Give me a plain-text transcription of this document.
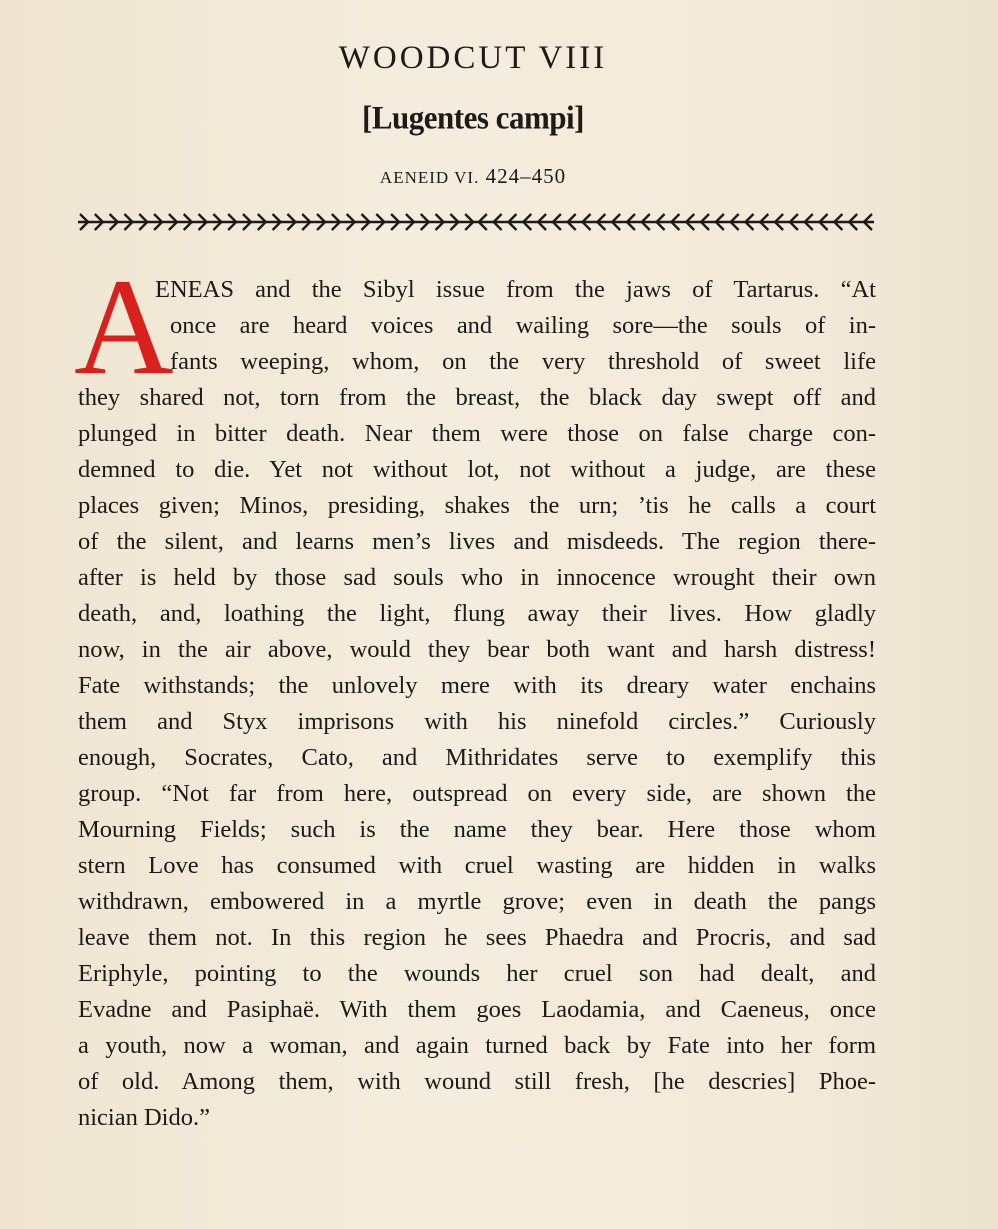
WOODCUT VIII
[Lugentes campi]
AENEID VI. 424–450
A
ENEAS and the Sibyl issue from the jaws of Tartarus. “At
once are heard voices and wailing sore—the souls of in-
fants weeping, whom, on the very threshold of sweet life
they shared not, torn from the breast, the black day swept off and
plunged in bitter death. Near them were those on false charge con-
demned to die. Yet not without lot, not without a judge, are these
places given; Minos, presiding, shakes the urn; ’tis he calls a court
of the silent, and learns men’s lives and misdeeds. The region there-
after is held by those sad souls who in innocence wrought their own
death, and, loathing the light, flung away their lives. How gladly
now, in the air above, would they bear both want and harsh distress!
Fate withstands; the unlovely mere with its dreary water enchains
them and Styx imprisons with his ninefold circles.” Curiously
enough, Socrates, Cato, and Mithridates serve to exemplify this
group. “Not far from here, outspread on every side, are shown the
Mourning Fields; such is the name they bear. Here those whom
stern Love has consumed with cruel wasting are hidden in walks
withdrawn, embowered in a myrtle grove; even in death the pangs
leave them not. In this region he sees Phaedra and Procris, and sad
Eriphyle, pointing to the wounds her cruel son had dealt, and
Evadne and Pasiphaë. With them goes Laodamia, and Caeneus, once
a youth, now a woman, and again turned back by Fate into her form
of old. Among them, with wound still fresh, [he descries] Phoe-
nician Dido.”
